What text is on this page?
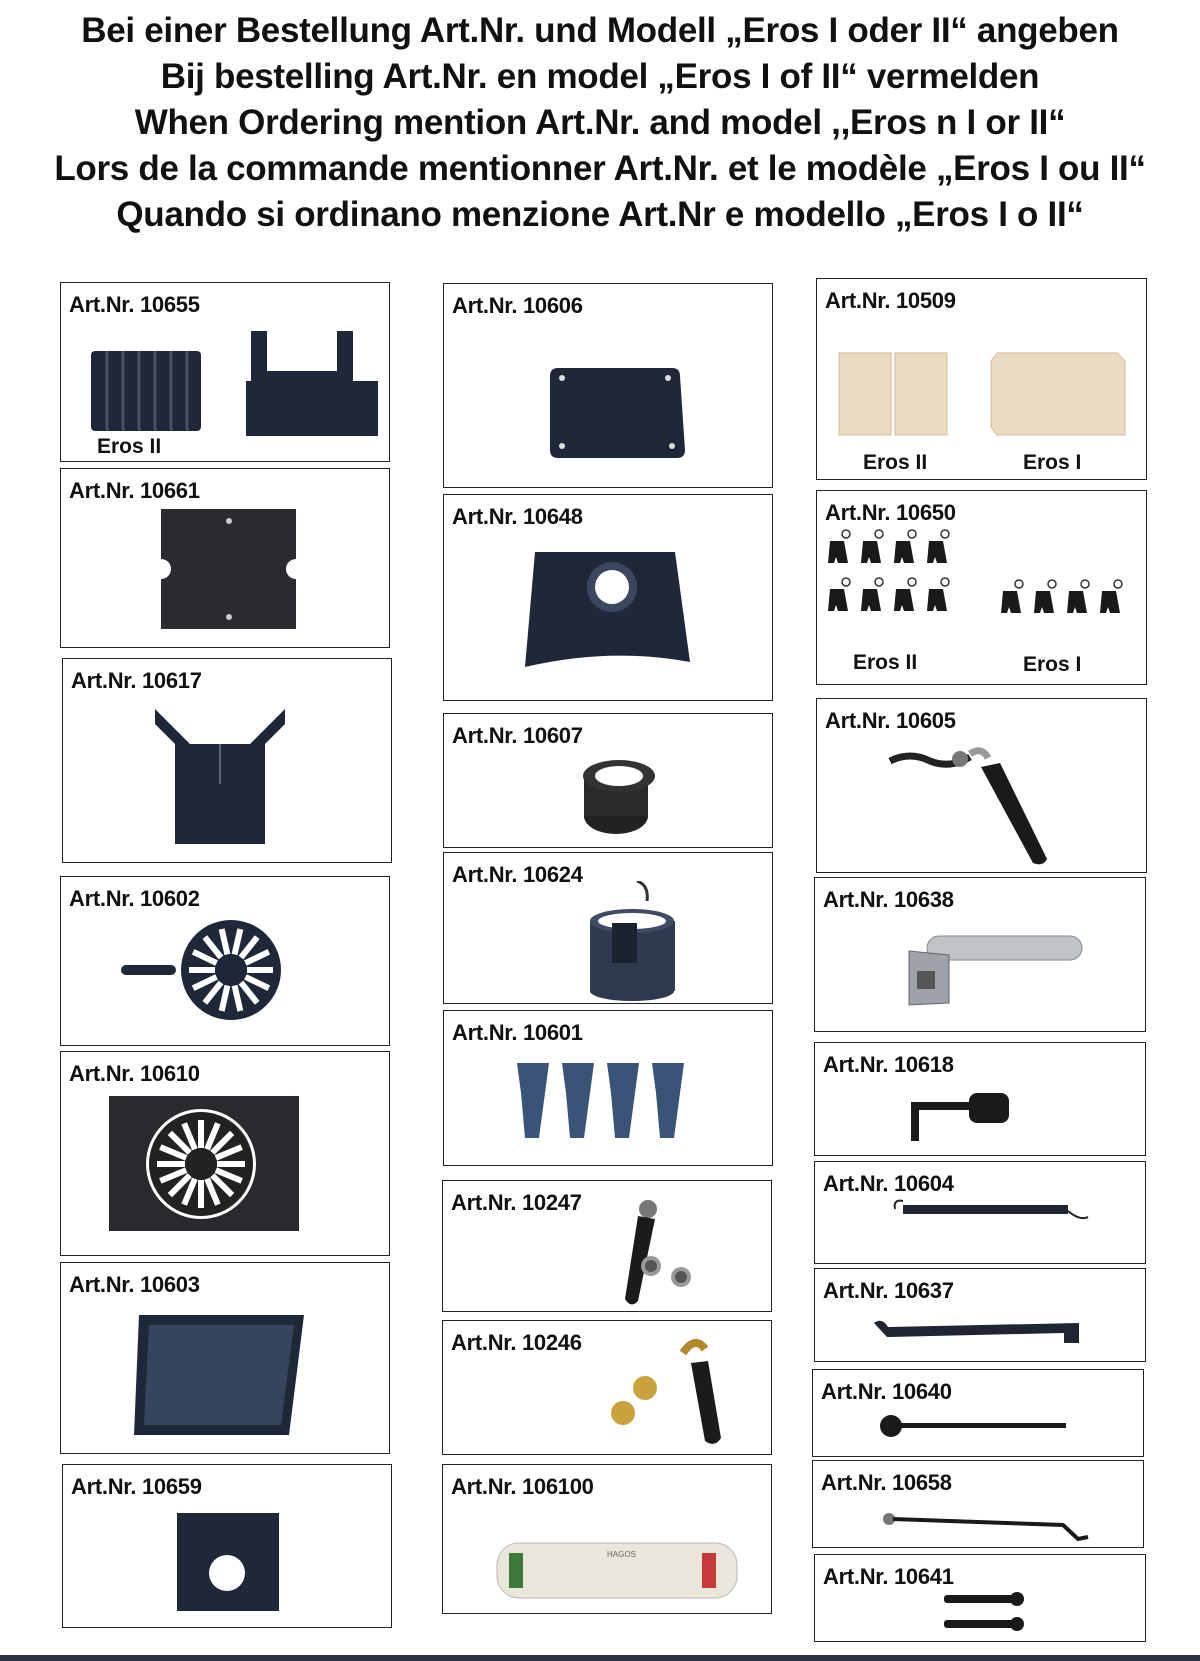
Bei einer Bestellung Art.Nr. und Modell „Eros I oder II“ angeben
Bij bestelling Art.Nr. en model „Eros I of II“ vermelden
When Ordering mention Art.Nr. and model ,,Eros n I or II“
Lors de la commande mentionner Art.Nr. et le modèle „Eros I ou II“
Quando si ordinano menzione Art.Nr e modello „Eros I o II“
Art.Nr. 10655
Eros II
Art.Nr. 10661
Art.Nr. 10617
Art.Nr. 10602
Art.Nr. 10610
Art.Nr. 10603
Art.Nr. 10659
Art.Nr. 10606
Art.Nr. 10648
Art.Nr. 10607
Art.Nr. 10624
Art.Nr. 10601
Art.Nr. 10247
Art.Nr. 10246
Art.Nr. 106100
HAGOS
Art.Nr. 10509
Eros II	Eros I
Art.Nr. 10650
Eros II	Eros I
Art.Nr. 10605
Art.Nr. 10638
Art.Nr. 10618
Art.Nr. 10604
Art.Nr. 10637
Art.Nr. 10640
Art.Nr. 10658
Art.Nr. 10641
